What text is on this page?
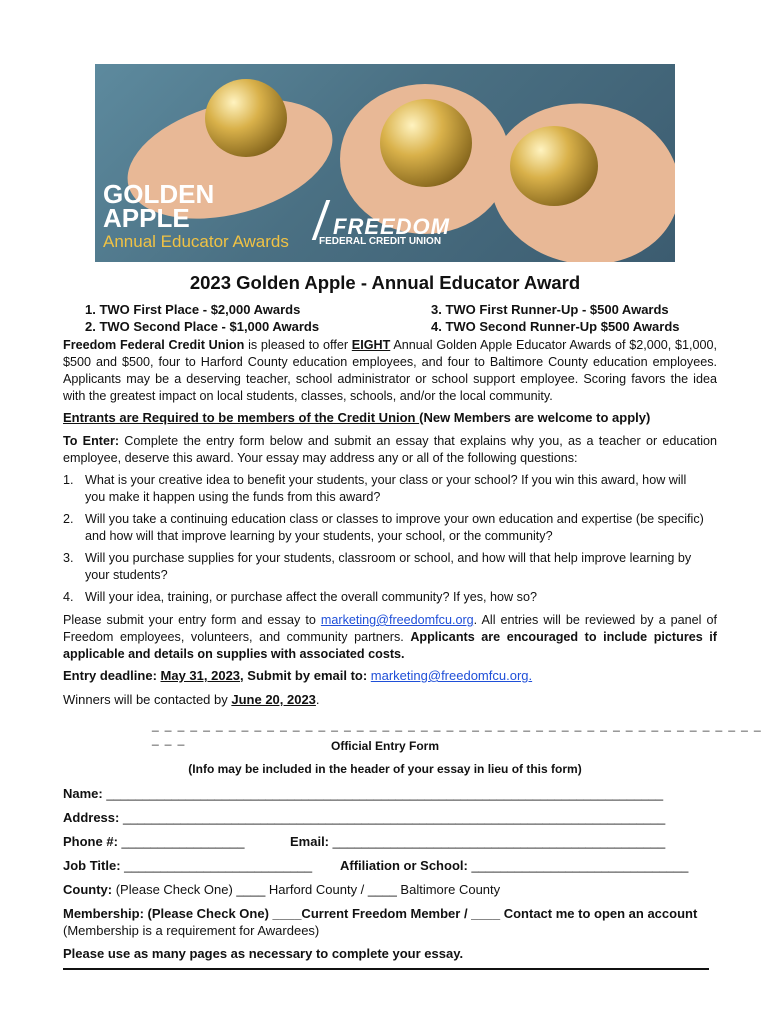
GOLDEN
APPLE
Annual Educator Awards
FREEDOM
FEDERAL CREDIT UNION
2023 Golden Apple - Annual Educator Award
1. TWO First Place - $2,000 Awards
2. TWO Second Place - $1,000 Awards
3. TWO First Runner-Up - $500 Awards
4. TWO Second Runner-Up $500 Awards
Freedom Federal Credit Union is pleased to offer EIGHT Annual Golden Apple Educator Awards of $2,000, $1,000, $500 and $500, four to Harford County education employees, and four to Baltimore County education employees. Applicants may be a deserving teacher, school administrator or school support employee. Scoring favors the idea with the greatest impact on local students, classes, schools, and/or the local community.
Entrants are Required to be members of the Credit Union (New Members are welcome to apply)
To Enter: Complete the entry form below and submit an essay that explains why you, as a teacher or education employee, deserve this award. Your essay may address any or all of the following questions:
1. What is your creative idea to benefit your students, your class or your school? If you win this award, how will you make it happen using the funds from this award?
2. Will you take a continuing education class or classes to improve your own education and expertise (be specific) and how will that improve learning by your students, your school, or the community?
3. Will you purchase supplies for your students, classroom or school, and how will that help improve learning by your students?
4. Will your idea, training, or purchase affect the overall community? If yes, how so?
Please submit your entry form and essay to marketing@freedomfcu.org. All entries will be reviewed by a panel of Freedom employees, volunteers, and community partners. Applicants are encouraged to include pictures if applicable and details on supplies with associated costs.
Entry deadline: May 31, 2023, Submit by email to: marketing@freedomfcu.org.
Winners will be contacted by June 20, 2023.
_ _ _ _ _ _ _ _ _ _ _ _ _ _ _ _ _ _ _ _ _ _ _ _ _ _ _ _ _ _ _ _ _ _ _ _ _ _ _ _ _ _ _ _ _ _ _ _ _ _ _	Official Entry Form
(Info may be included in the header of your essay in lieu of this form)
Name: _____________________________________________________________________________
Address: ___________________________________________________________________________
Phone #: _________________	Email: ______________________________________________
Job Title: __________________________ Affiliation or School: ______________________________
County: (Please Check One) ____ Harford County / ____ Baltimore County
Membership: (Please Check One) ____Current Freedom Member / ____ Contact me to open an account (Membership is a requirement for Awardees)
Please use as many pages as necessary to complete your essay.
